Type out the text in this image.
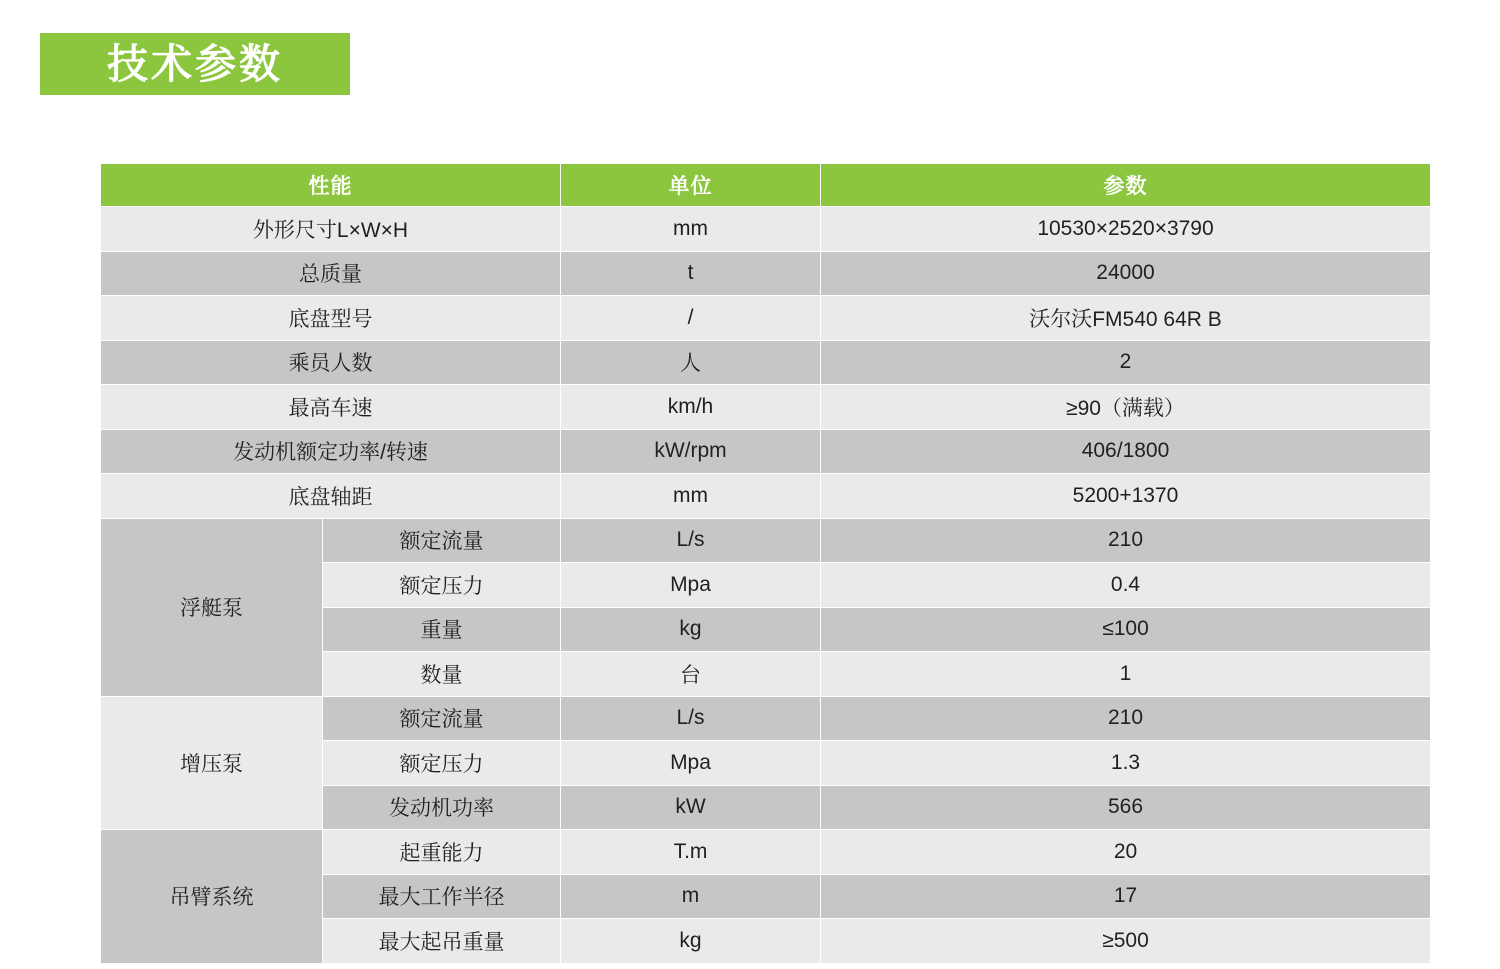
技术参数
性能		单位	参数
外形尺寸L×W×H		mm	10530×2520×3790
总质量		t	24000
底盘型号		/	沃尔沃FM540 64R B
乘员人数		人	2
最高车速		km/h	≥90（满载）
发动机额定功率/转速		kW/rpm	406/1800
底盘轴距		mm	5200+1370
浮艇泵	额定流量	L/s	210
	额定压力	Mpa	0.4
	重量	kg	≤100
	数量	台	1
增压泵	额定流量	L/s	210
	额定压力	Mpa	1.3
	发动机功率	kW	566
吊臂系统	起重能力	T.m	20
	最大工作半径	m	17
	最大起吊重量	kg	≥500
